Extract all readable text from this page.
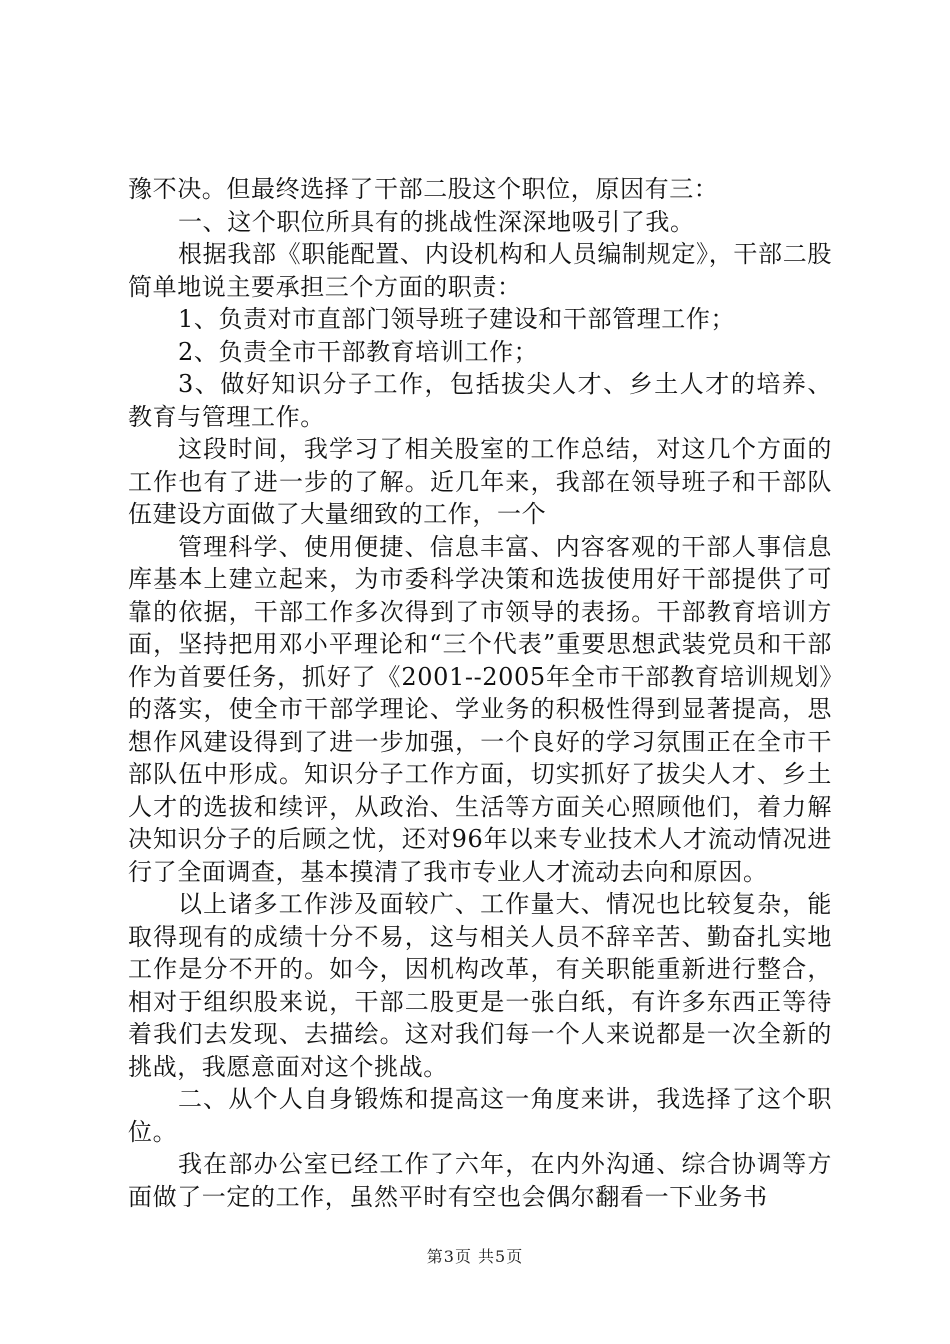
豫不决。但最终选择了干部二股这个职位，原因有三：

一、这个职位所具有的挑战性深深地吸引了我。

根据我部《职能配置、内设机构和人员编制规定》，干部二股简单地说主要承担三个方面的职责：

1、负责对市直部门领导班子建设和干部管理工作；

2、负责全市干部教育培训工作；

3、做好知识分子工作，包括拔尖人才、乡土人才的培养、教育与管理工作。

这段时间，我学习了相关股室的工作总结，对这几个方面的工作也有了进一步的了解。近几年来，我部在领导班子和干部队伍建设方面做了大量细致的工作，一个

管理科学、使用便捷、信息丰富、内容客观的干部人事信息库基本上建立起来，为市委科学决策和选拔使用好干部提供了可靠的依据，干部工作多次得到了市领导的表扬。干部教育培训方面，坚持把用邓小平理论和“三个代表”重要思想武装党员和干部作为首要任务，抓好了《2001--2005年全市干部教育培训规划》的落实，使全市干部学理论、学业务的积极性得到显著提高，思想作风建设得到了进一步加强，一个良好的学习氛围正在全市干部队伍中形成。知识分子工作方面，切实抓好了拔尖人才、乡土人才的选拔和续评，从政治、生活等方面关心照顾他们，着力解决知识分子的后顾之忧，还对96年以来专业技术人才流动情况进行了全面调查，基本摸清了我市专业人才流动去向和原因。

以上诸多工作涉及面较广、工作量大、情况也比较复杂，能取得现有的成绩十分不易，这与相关人员不辞辛苦、勤奋扎实地工作是分不开的。如今，因机构改革，有关职能重新进行整合，相对于组织股来说，干部二股更是一张白纸，有许多东西正等待着我们去发现、去描绘。这对我们每一个人来说都是一次全新的挑战，我愿意面对这个挑战。

二、从个人自身锻炼和提高这一角度来讲，我选择了这个职位。

我在部办公室已经工作了六年，在内外沟通、综合协调等方面做了一定的工作，虽然平时有空也会偶尔翻看一下业务书

第3页 共5页
